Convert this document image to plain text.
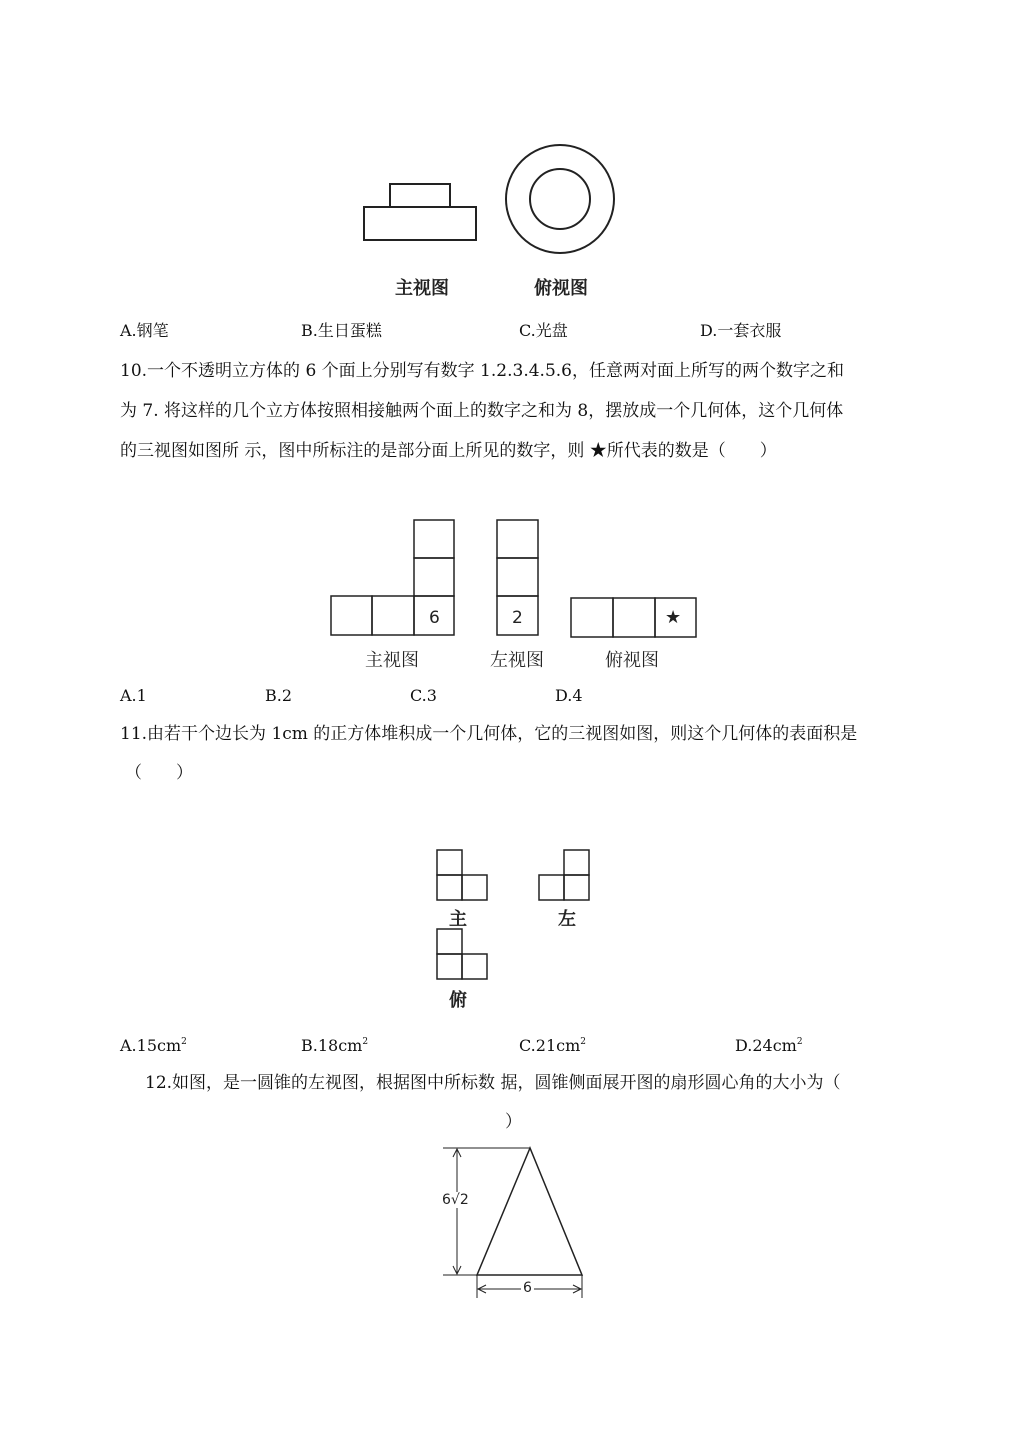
主视图	俯视图
A.钢笔	B.生日蛋糕	C.光盘	D.一套衣服
10.一个不透明立方体的 6 个面上分别写有数字 1.2.3.4.5.6，任意两对面上所写的两个数字之和
为 7. 将这样的几个立方体按照相接触两个面上的数字之和为 8，摆放成一个几何体，这个几何体
的三视图如图所 示，图中所标注的是部分面上所见的数字，则 ★所代表的数是（　　）
6	2	★
主视图	左视图	俯视图
A.1	B.2	C.3	D.4
11.由若干个边长为 1cm 的正方体堆积成一个几何体，它的三视图如图，则这个几何体的表面积是
（　　）
主	左
俯
$A.15cm^2$	$B.18cm^2$	$C.21cm^2$	$D.24cm^2$
12.如图，是一圆锥的左视图，根据图中所标数 据，圆锥侧面展开图的扇形圆心角的大小为（
）
6√2
6
